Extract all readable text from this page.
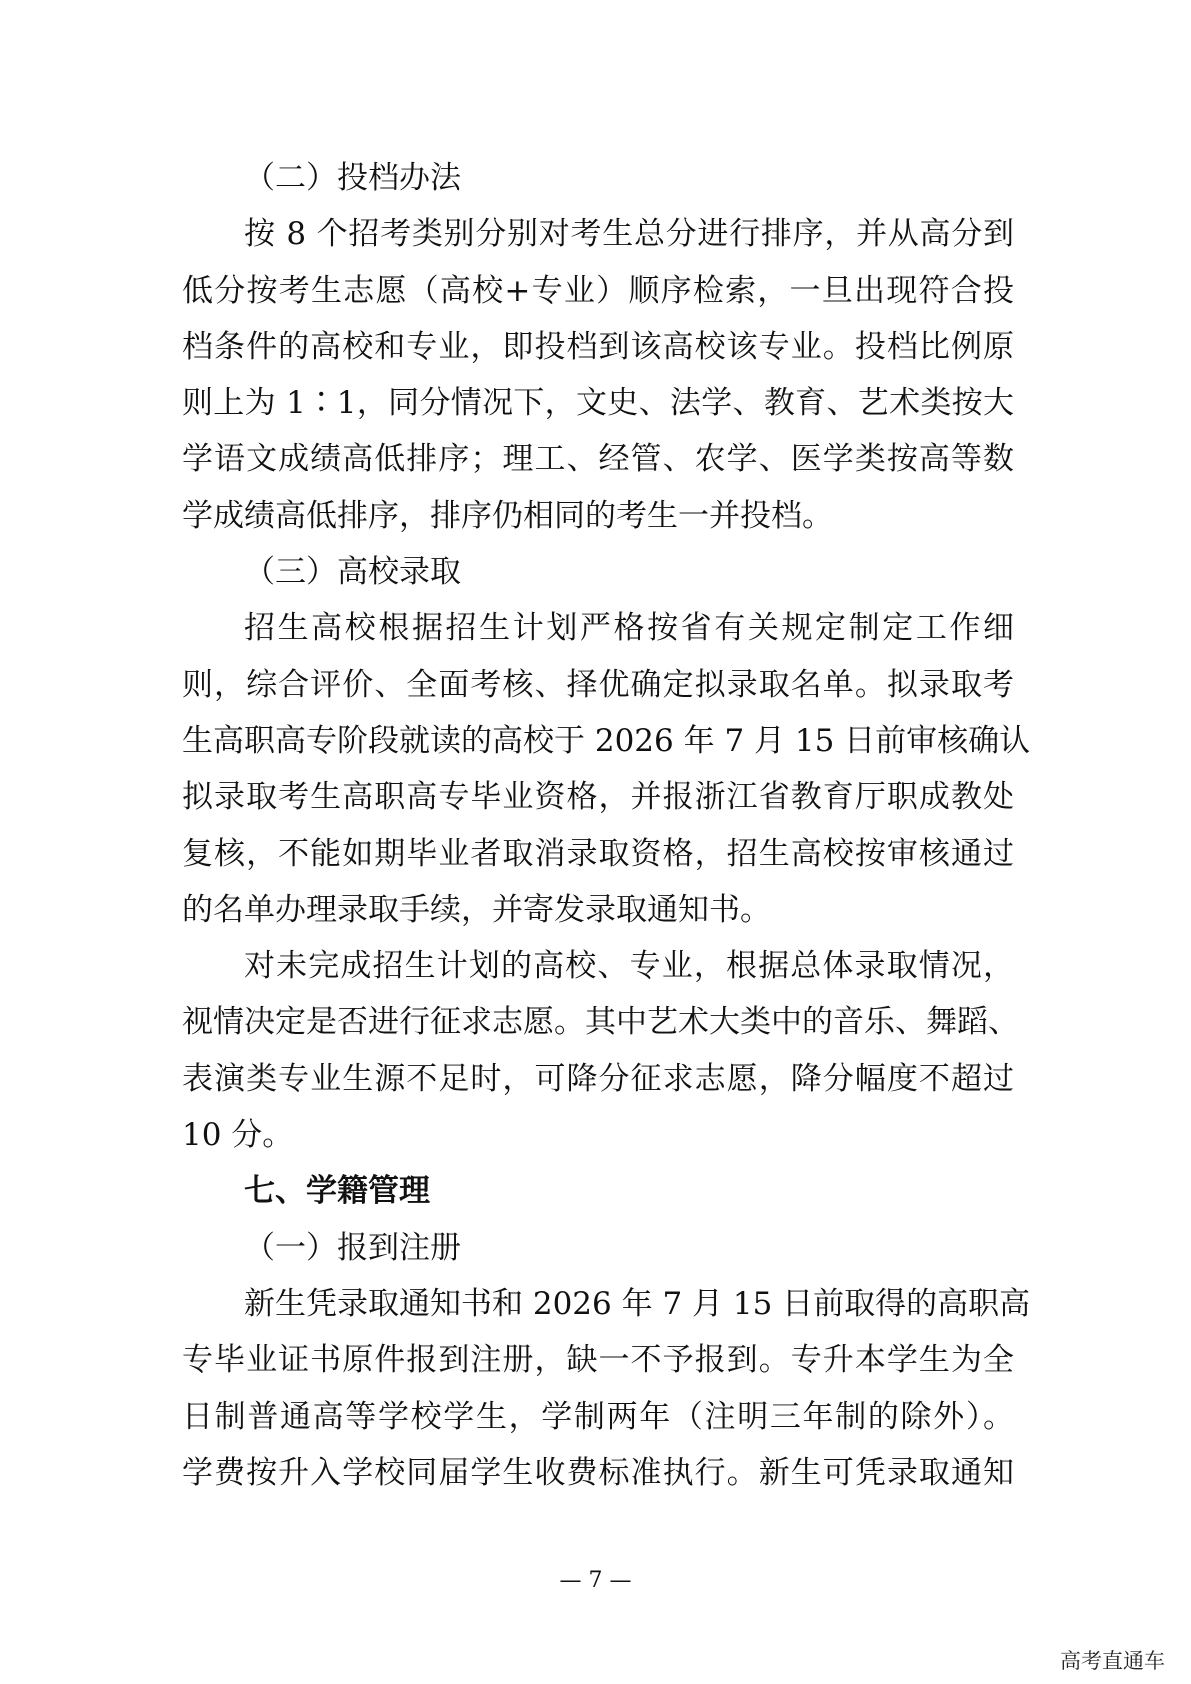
（二）投档办法
按 8 个招考类别分别对考生总分进行排序，并从高分到
低分按考生志愿（高校+专业）顺序检索，一旦出现符合投
档条件的高校和专业，即投档到该高校该专业。投档比例原
则上为 1∶1，同分情况下，文史、法学、教育、艺术类按大
学语文成绩高低排序；理工、经管、农学、医学类按高等数
学成绩高低排序，排序仍相同的考生一并投档。
（三）高校录取
招生高校根据招生计划严格按省有关规定制定工作细
则，综合评价、全面考核、择优确定拟录取名单。拟录取考
生高职高专阶段就读的高校于 2026 年 7 月 15 日前审核确认
拟录取考生高职高专毕业资格，并报浙江省教育厅职成教处
复核，不能如期毕业者取消录取资格，招生高校按审核通过
的名单办理录取手续，并寄发录取通知书。
对未完成招生计划的高校、专业，根据总体录取情况，
视情决定是否进行征求志愿。其中艺术大类中的音乐、舞蹈、
表演类专业生源不足时，可降分征求志愿，降分幅度不超过
10 分。
七、学籍管理
（一）报到注册
新生凭录取通知书和 2026 年 7 月 15 日前取得的高职高
专毕业证书原件报到注册，缺一不予报到。专升本学生为全
日制普通高等学校学生，学制两年（注明三年制的除外）。
学费按升入学校同届学生收费标准执行。新生可凭录取通知
— 7 —
高考直通车
